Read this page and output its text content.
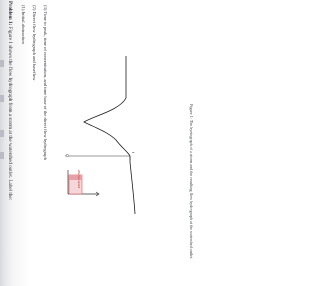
Problem 1: Figure 1 shows the flow hydrograph from a storm at the watershed outlet. Label the:
(1) Initial abstraction (2) Direct flow hydrograph and baseflow (3) Time to peak, time of concentration, and time base of the direct flow hydrograph
effective rainfall
Q
t	Figure 1: The hyetograph of a storm and the resulting flow hydrograph at the watershed outlet.
